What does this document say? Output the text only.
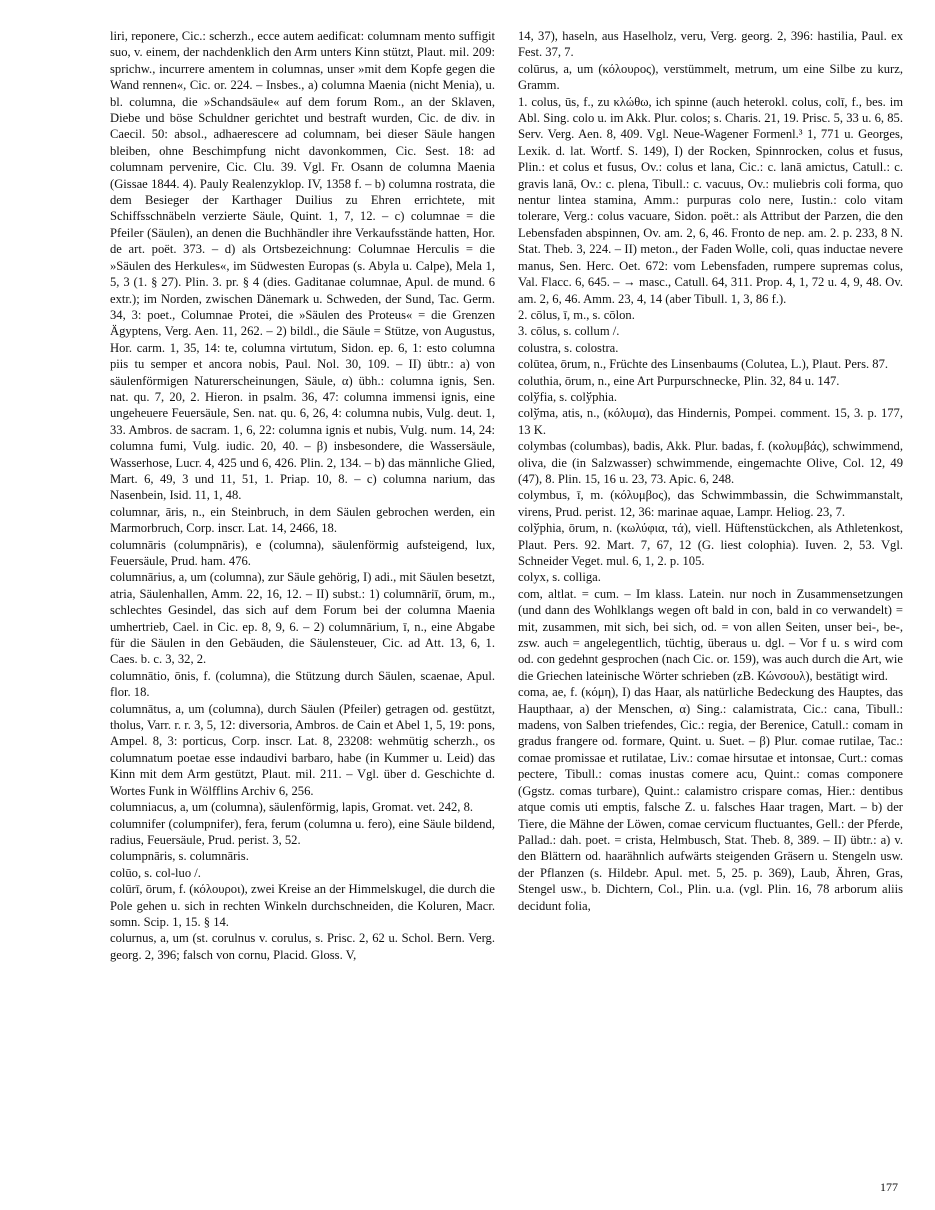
liri, reponere, Cic.: scherzh., ecce autem aedificat: columnam mento suffigit suo, v. einem, der nachdenklich den Arm unters Kinn stützt, Plaut. mil. 209: sprichw., incurrere amentem in columnas, unser »mit dem Kopfe gegen die Wand rennen«, Cic. or. 224. – Insbes., a) columna Maenia (nicht Menia), u. bl. columna, die »Schandsäule« auf dem forum Rom., an der Sklaven, Diebe und böse Schuldner gerichtet und bestraft wurden, Cic. de div. in Caecil. 50: absol., adhaerescere ad columnam, bei dieser Säule hangen bleiben, ohne Beschimpfung nicht davonkommen, Cic. Sest. 18: ad columnam pervenire, Cic. Clu. 39. Vgl. Fr. Osann de columna Maenia (Gissae 1844. 4). Pauly Realenzyklop. IV, 1358 f. – b) columna rostrata, die dem Besieger der Karthager Duilius zu Ehren errichtete, mit Schiffsschnäbeln verzierte Säule, Quint. 1, 7, 12. – c) columnae = die Pfeiler (Säulen), an denen die Buchhändler ihre Verkaufsstände hatten, Hor. de art. poët. 373. – d) als Ortsbezeichnung: Columnae Herculis = die »Säulen des Herkules«, im Südwesten Europas (s. Abyla u. Calpe), Mela 1, 5, 3 (1. § 27). Plin. 3. pr. § 4 (dies. Gaditanae columnae, Apul. de mund. 6 extr.); im Norden, zwischen Dänemark u. Schweden, der Sund, Tac. Germ. 34, 3: poet., Columnae Protei, die »Säulen des Proteus« = die Grenzen Ägyptens, Verg. Aen. 11, 262. – 2) bildl., die Säule = Stütze, von Augustus, Hor. carm. 1, 35, 14: te, columna virtutum, Sidon. ep. 6, 1: esto columna piis tu semper et ancora nobis, Paul. Nol. 30, 109. – II) übtr.: a) von säulenförmigen Naturerscheinungen, Säule, α) übh.: columna ignis, Sen. nat. qu. 7, 20, 2. Hieron. in psalm. 36, 47: columna immensi ignis, eine ungeheuere Feuersäule, Sen. nat. qu. 6, 26, 4: columna nubis, Vulg. deut. 1, 33. Ambros. de sacram. 1, 6, 22: columna ignis et nubis, Vulg. num. 14, 24: columna fumi, Vulg. iudic. 20, 40. – β) insbesondere, die Wassersäule, Wasserhose, Lucr. 4, 425 und 6, 426. Plin. 2, 134. – b) das männliche Glied, Mart. 6, 49, 3 und 11, 51, 1. Priap. 10, 8. – c) columna narium, das Nasenbein, Isid. 11, 1, 48.

columnar, āris, n., ein Steinbruch, in dem Säulen gebrochen werden, ein Marmorbruch, Corp. inscr. Lat. 14, 2466, 18.

columnāris (columpnāris), e (columna), säulenförmig aufsteigend, lux, Feuersäule, Prud. ham. 476.

columnārius, a, um (columna), zur Säule gehörig, I) adi., mit Säulen besetzt, atria, Säulenhallen, Amm. 22, 16, 12. – II) subst.: 1) columnāriī, ōrum, m., schlechtes Gesindel, das sich auf dem Forum bei der columna Maenia umhertrieb, Cael. in Cic. ep. 8, 9, 6. – 2) columnārium, ī, n., eine Abgabe für die Säulen in den Gebäuden, die Säulensteuer, Cic. ad Att. 13, 6, 1. Caes. b. c. 3, 32, 2.

columnātio, ōnis, f. (columna), die Stützung durch Säulen, scaenae, Apul. flor. 18.

columnātus, a, um (columna), durch Säulen (Pfeiler) getragen od. gestützt, tholus, Varr. r. r. 3, 5, 12: diversoria, Ambros. de Cain et Abel 1, 5, 19: pons, Ampel. 8, 3: porticus, Corp. inscr. Lat. 8, 23208: wehmütig scherzh., os columnatum poetae esse indaudivi barbaro, habe (in Kummer u. Leid) das Kinn mit dem Arm gestützt, Plaut. mil. 211. – Vgl. über d. Geschichte d. Wortes Funk in Wölfflins Archiv 6, 256.

columniacus, a, um (columna), säulenförmig, lapis, Gromat. vet. 242, 8.

columnifer (columpnifer), fera, ferum (columna u. fero), eine Säule bildend, radius, Feuersäule, Prud. perist. 3, 52.

columpnāris, s. columnāris.

colūo, s. col-luo /.

colūrī, ōrum, f. (κόλουροι), zwei Kreise an der Himmelskugel, die durch die Pole gehen u. sich in rechten Winkeln durchschneiden, die Koluren, Macr. somn. Scip. 1, 15. § 14.

colurnus, a, um (st. corulnus v. corulus, s. Prisc. 2, 62 u. Schol. Bern. Verg. georg. 2, 396; falsch von cornu, Placid. Gloss. V,

14, 37), haseln, aus Haselholz, veru, Verg. georg. 2, 396: hastilia, Paul. ex Fest. 37, 7.

colūrus, a, um (κόλουρος), verstümmelt, metrum, um eine Silbe zu kurz, Gramm.

1. colus, ūs, f., zu κλώθω, ich spinne (auch heterokl. colus, colī, f., bes. im Abl. Sing. colo u. im Akk. Plur. colos; s. Charis. 21, 19. Prisc. 5, 33 u. 6, 85. Serv. Verg. Aen. 8, 409. Vgl. Neue-Wagener Formenl.³ 1, 771 u. Georges, Lexik. d. lat. Wortf. S. 149), I) der Rocken, Spinnrocken, colus et fusus, Plin.: et colus et fusus, Ov.: colus et lana, Cic.: c. lanā amictus, Catull.: c. gravis lanā, Ov.: c. plena, Tibull.: c. vacuus, Ov.: muliebris coli forma, quo nentur lintea stamina, Amm.: purpuras colo nere, Iustin.: colo vitam tolerare, Verg.: colus vacuare, Sidon. poët.: als Attribut der Parzen, die den Lebensfaden abspinnen, Ov. am. 2, 6, 46. Fronto de nep. am. 2. p. 233, 8 N. Stat. Theb. 3, 224. – II) meton., der Faden Wolle, coli, quas inductae nevere manus, Sen. Herc. Oet. 672: vom Lebensfaden, rumpere supremas colus, Val. Flacc. 6, 645. – → masc., Catull. 64, 311. Prop. 4, 1, 72 u. 4, 9, 48. Ov. am. 2, 6, 46. Amm. 23, 4, 14 (aber Tibull. 1, 3, 86 f.).

2. cōlus, ī, m., s. cōlon.

3. cōlus, s. collum /.

colustra, s. colostra.

colūtea, ōrum, n., Früchte des Linsenbaums (Colutea, L.), Plaut. Pers. 87.

coluthia, ōrum, n., eine Art Purpurschnecke, Plin. 32, 84 u. 147.

colўfia, s. colўphia.

colўma, atis, n., (κόλυμα), das Hindernis, Pompei. comment. 15, 3. p. 177, 13 K.

colymbas (columbas), badis, Akk. Plur. badas, f. (κολυμβάς), schwimmend, oliva, die (in Salzwasser) schwimmende, eingemachte Olive, Col. 12, 49 (47), 8. Plin. 15, 16 u. 23, 73. Apic. 6, 248.

colymbus, ī, m. (κόλυμβος), das Schwimmbassin, die Schwimmanstalt, virens, Prud. perist. 12, 36: marinae aquae, Lampr. Heliog. 23, 7.

colўphia, ōrum, n. (κωλύφια, τά), viell. Hüftenstückchen, als Athletenkost, Plaut. Pers. 92. Mart. 7, 67, 12 (G. liest colophia). Iuven. 2, 53. Vgl. Schneider Veget. mul. 6, 1, 2. p. 105.

colyx, s. colliga.

com, altlat. = cum. – Im klass. Latein. nur noch in Zusammensetzungen (und dann des Wohlklangs wegen oft bald in con, bald in co verwandelt) = mit, zusammen, mit sich, bei sich, od. = von allen Seiten, unser bei-, be-, zsw. auch = angelegentlich, tüchtig, überaus u. dgl. – Vor f u. s wird com od. con gedehnt gesprochen (nach Cic. or. 159), was auch durch die Art, wie die Griechen lateinische Wörter schrieben (zB. Κώνσουλ), bestätigt wird.

coma, ae, f. (κόμη), I) das Haar, als natürliche Bedeckung des Hauptes, das Haupthaar, a) der Menschen, α) Sing.: calamistrata, Cic.: cana, Tibull.: madens, von Salben triefendes, Cic.: regia, der Berenice, Catull.: comam in gradus frangere od. formare, Quint. u. Suet. – β) Plur. comae rutilae, Tac.: comae promissae et rutilatae, Liv.: comae hirsutae et intonsae, Curt.: comas pectere, Tibull.: comas inustas comere acu, Quint.: comas componere (Ggstz. comas turbare), Quint.: calamistro crispare comas, Hier.: dentibus atque comis uti emptis, falsche Z. u. falsches Haar tragen, Mart. – b) der Tiere, die Mähne der Löwen, comae cervicum fluctuantes, Gell.: der Pferde, Pallad.: dah. poet. = crista, Helmbusch, Stat. Theb. 8, 389. – II) übtr.: a) v. den Blättern od. haarähnlich aufwärts steigenden Gräsern u. Stengeln usw. der Pflanzen (s. Hildebr. Apul. met. 5, 25. p. 369), Laub, Ähren, Gras, Stengel usw., b. Dichtern, Col., Plin. u.a. (vgl. Plin. 16, 78 arborum aliis decidunt folia,

177
